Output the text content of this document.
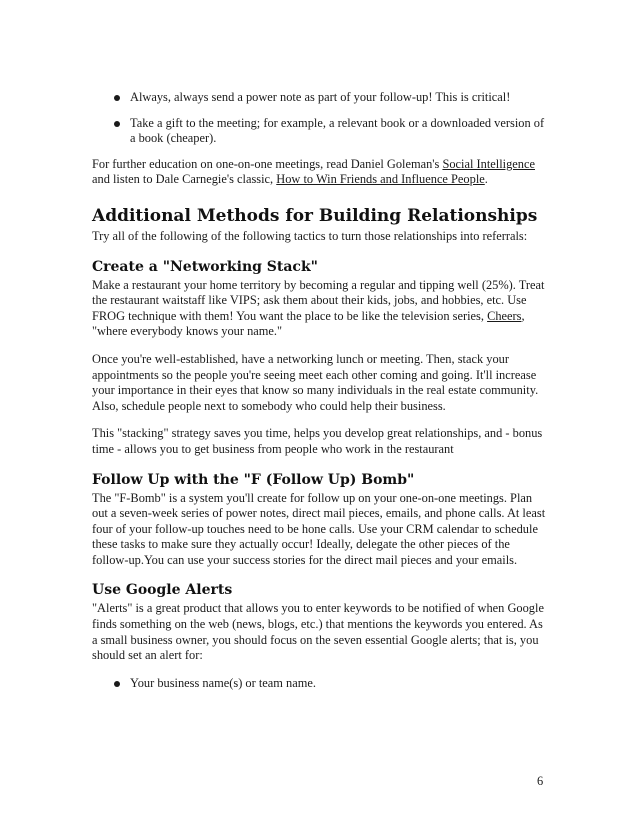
Always, always send a power note as part of your follow-up! This is critical!
Take a gift to the meeting; for example, a relevant book or a downloaded version of a book (cheaper).

For further education on one-on-one meetings, read Daniel Goleman's Social Intelligence and listen to Dale Carnegie's classic, How to Win Friends and Influence People.

Additional Methods for Building Relationships

Try all of the following of the following tactics to turn those relationships into referrals:

Create a "Networking Stack"

Make a restaurant your home territory by becoming a regular and tipping well (25%). Treat the restaurant waitstaff like VIPS; ask them about their kids, jobs, and hobbies, etc. Use FROG technique with them! You want the place to be like the television series, Cheers, "where everybody knows your name."

Once you're well-established, have a networking lunch or meeting. Then, stack your appointments so the people you're seeing meet each other coming and going. It'll increase your importance in their eyes that know so many individuals in the real estate community. Also, schedule people next to somebody who could help their business.

This "stacking" strategy saves you time, helps you develop great relationships, and - bonus time - allows you to get business from people who work in the restaurant

Follow Up with the "F (Follow Up) Bomb"

The "F-Bomb" is a system you'll create for follow up on your one-on-one meetings. Plan out a seven-week series of power notes, direct mail pieces, emails, and phone calls. At least four of your follow-up touches need to be hone calls. Use your CRM calendar to schedule these tasks to make sure they actually occur! Ideally, delegate the other pieces of the follow-up.You can use your success stories for the direct mail pieces and your emails.

Use Google Alerts

"Alerts" is a great product that allows you to enter keywords to be notified of when Google finds something on the web (news, blogs, etc.) that mentions the keywords you entered. As a small business owner, you should focus on the seven essential Google alerts; that is, you should set an alert for:

Your business name(s) or team name.
6
